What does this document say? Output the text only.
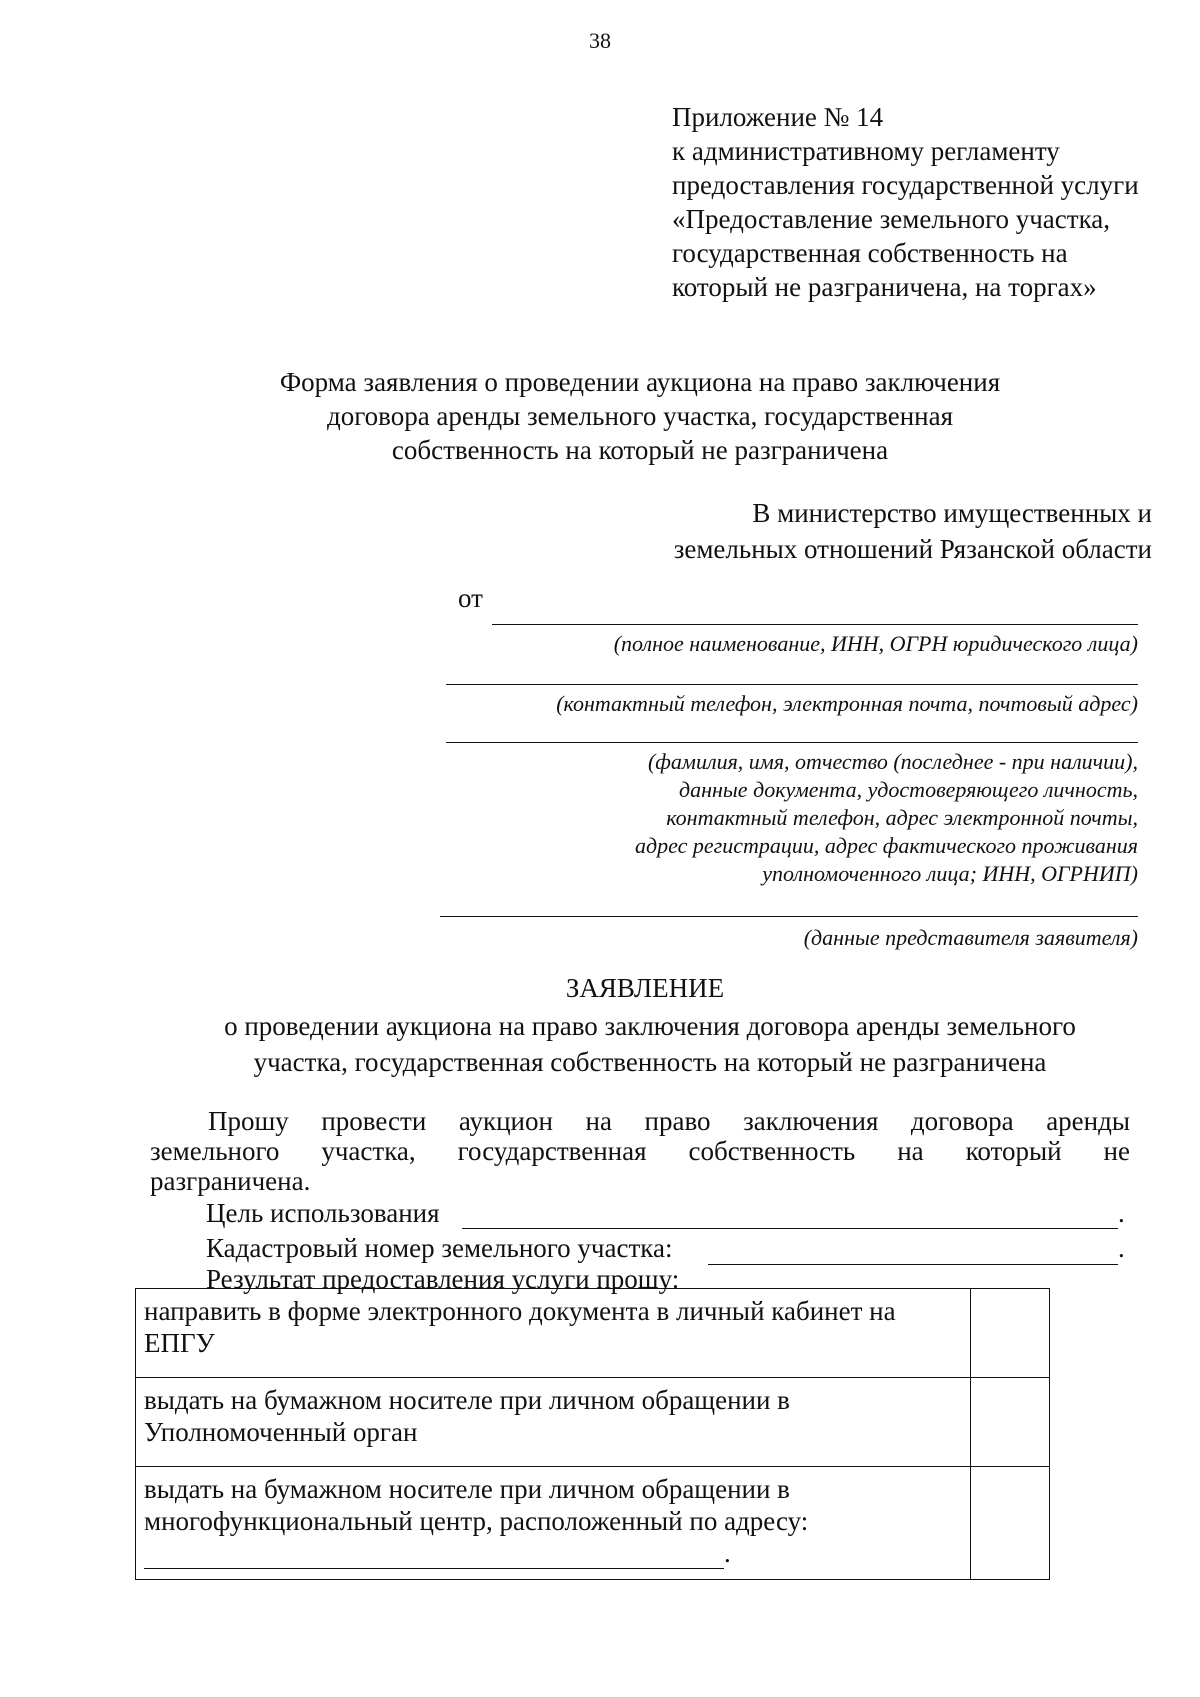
38
Приложение № 14
к административному регламенту
предоставления государственной услуги
«Предоставление земельного участка,
государственная собственность на
который не разграничена, на торгах»
Форма заявления о проведении аукциона на право заключения
договора аренды земельного участка, государственная
собственность на который не разграничена
В министерство имущественных и
земельных отношений Рязанской области
от
(полное наименование, ИНН, ОГРН юридического лица)
(контактный телефон, электронная почта, почтовый адрес)
(фамилия, имя, отчество (последнее - при наличии),
данные документа, удостоверяющего личность,
контактный телефон, адрес электронной почты,
адрес регистрации, адрес фактического проживания
уполномоченного лица; ИНН, ОГРНИП)
(данные представителя заявителя)
ЗАЯВЛЕНИЕ
о проведении аукциона на право заключения договора аренды земельного
участка, государственная собственность на который не разграничена
Прошу провести аукцион на право заключения договора аренды
земельного участка, государственная собственность на который не
разграничена.
Цель использования	.
Кадастровый номер земельного участка:	.
Результат предоставления услуги прошу:
направить в форме электронного документа в личный кабинет на ЕПГУ	
выдать на бумажном носителе при личном обращении в Уполномоченный орган	

выдать на бумажном носителе при личном обращении в многофункциональный центр, расположенный по адресу:
.	
